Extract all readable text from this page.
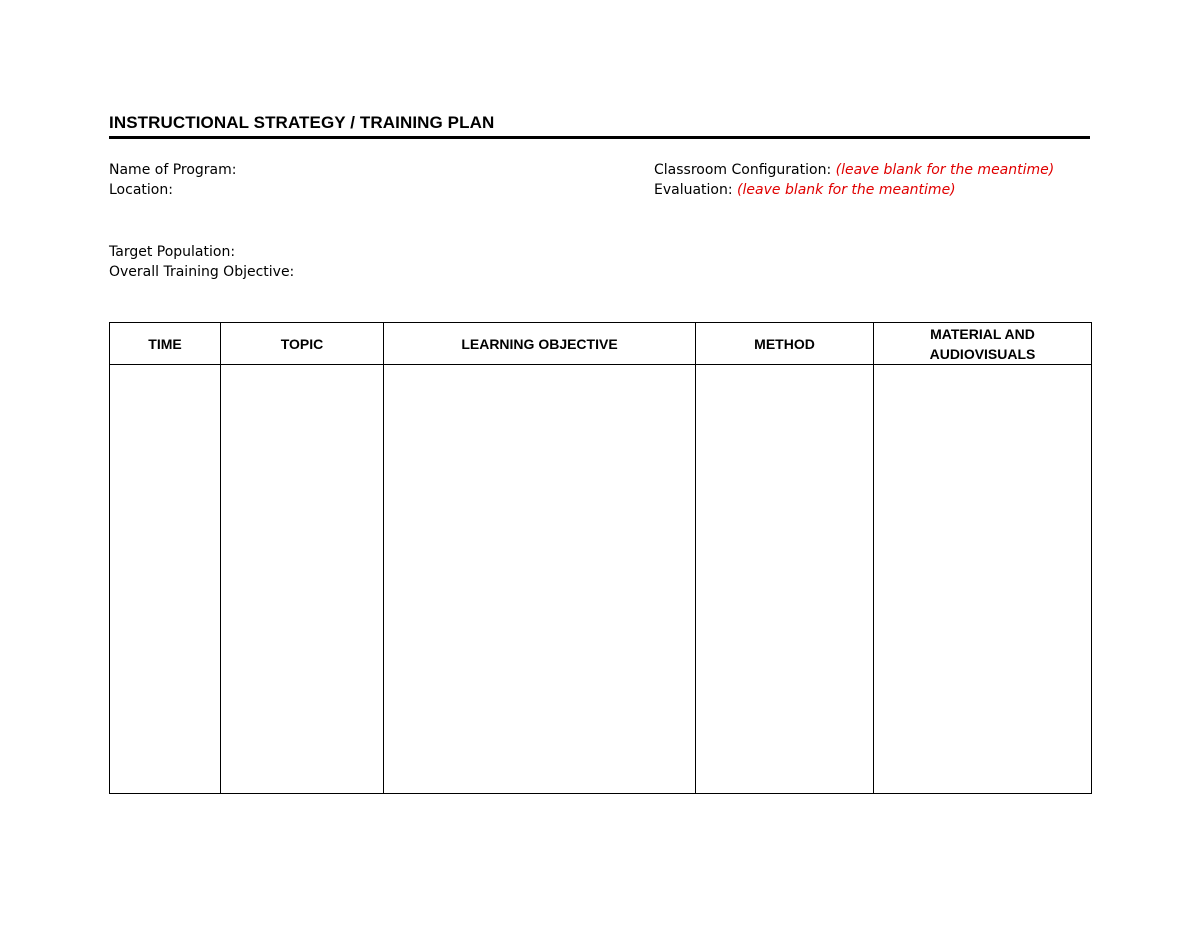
INSTRUCTIONAL STRATEGY / TRAINING PLAN
Name of Program:
Location:
Classroom Configuration: (leave blank for the meantime)
Evaluation: (leave blank for the meantime)
Target Population:
Overall Training Objective:
TIME	TOPIC	LEARNING OBJECTIVE	METHOD	MATERIAL AND
AUDIOVISUALS
